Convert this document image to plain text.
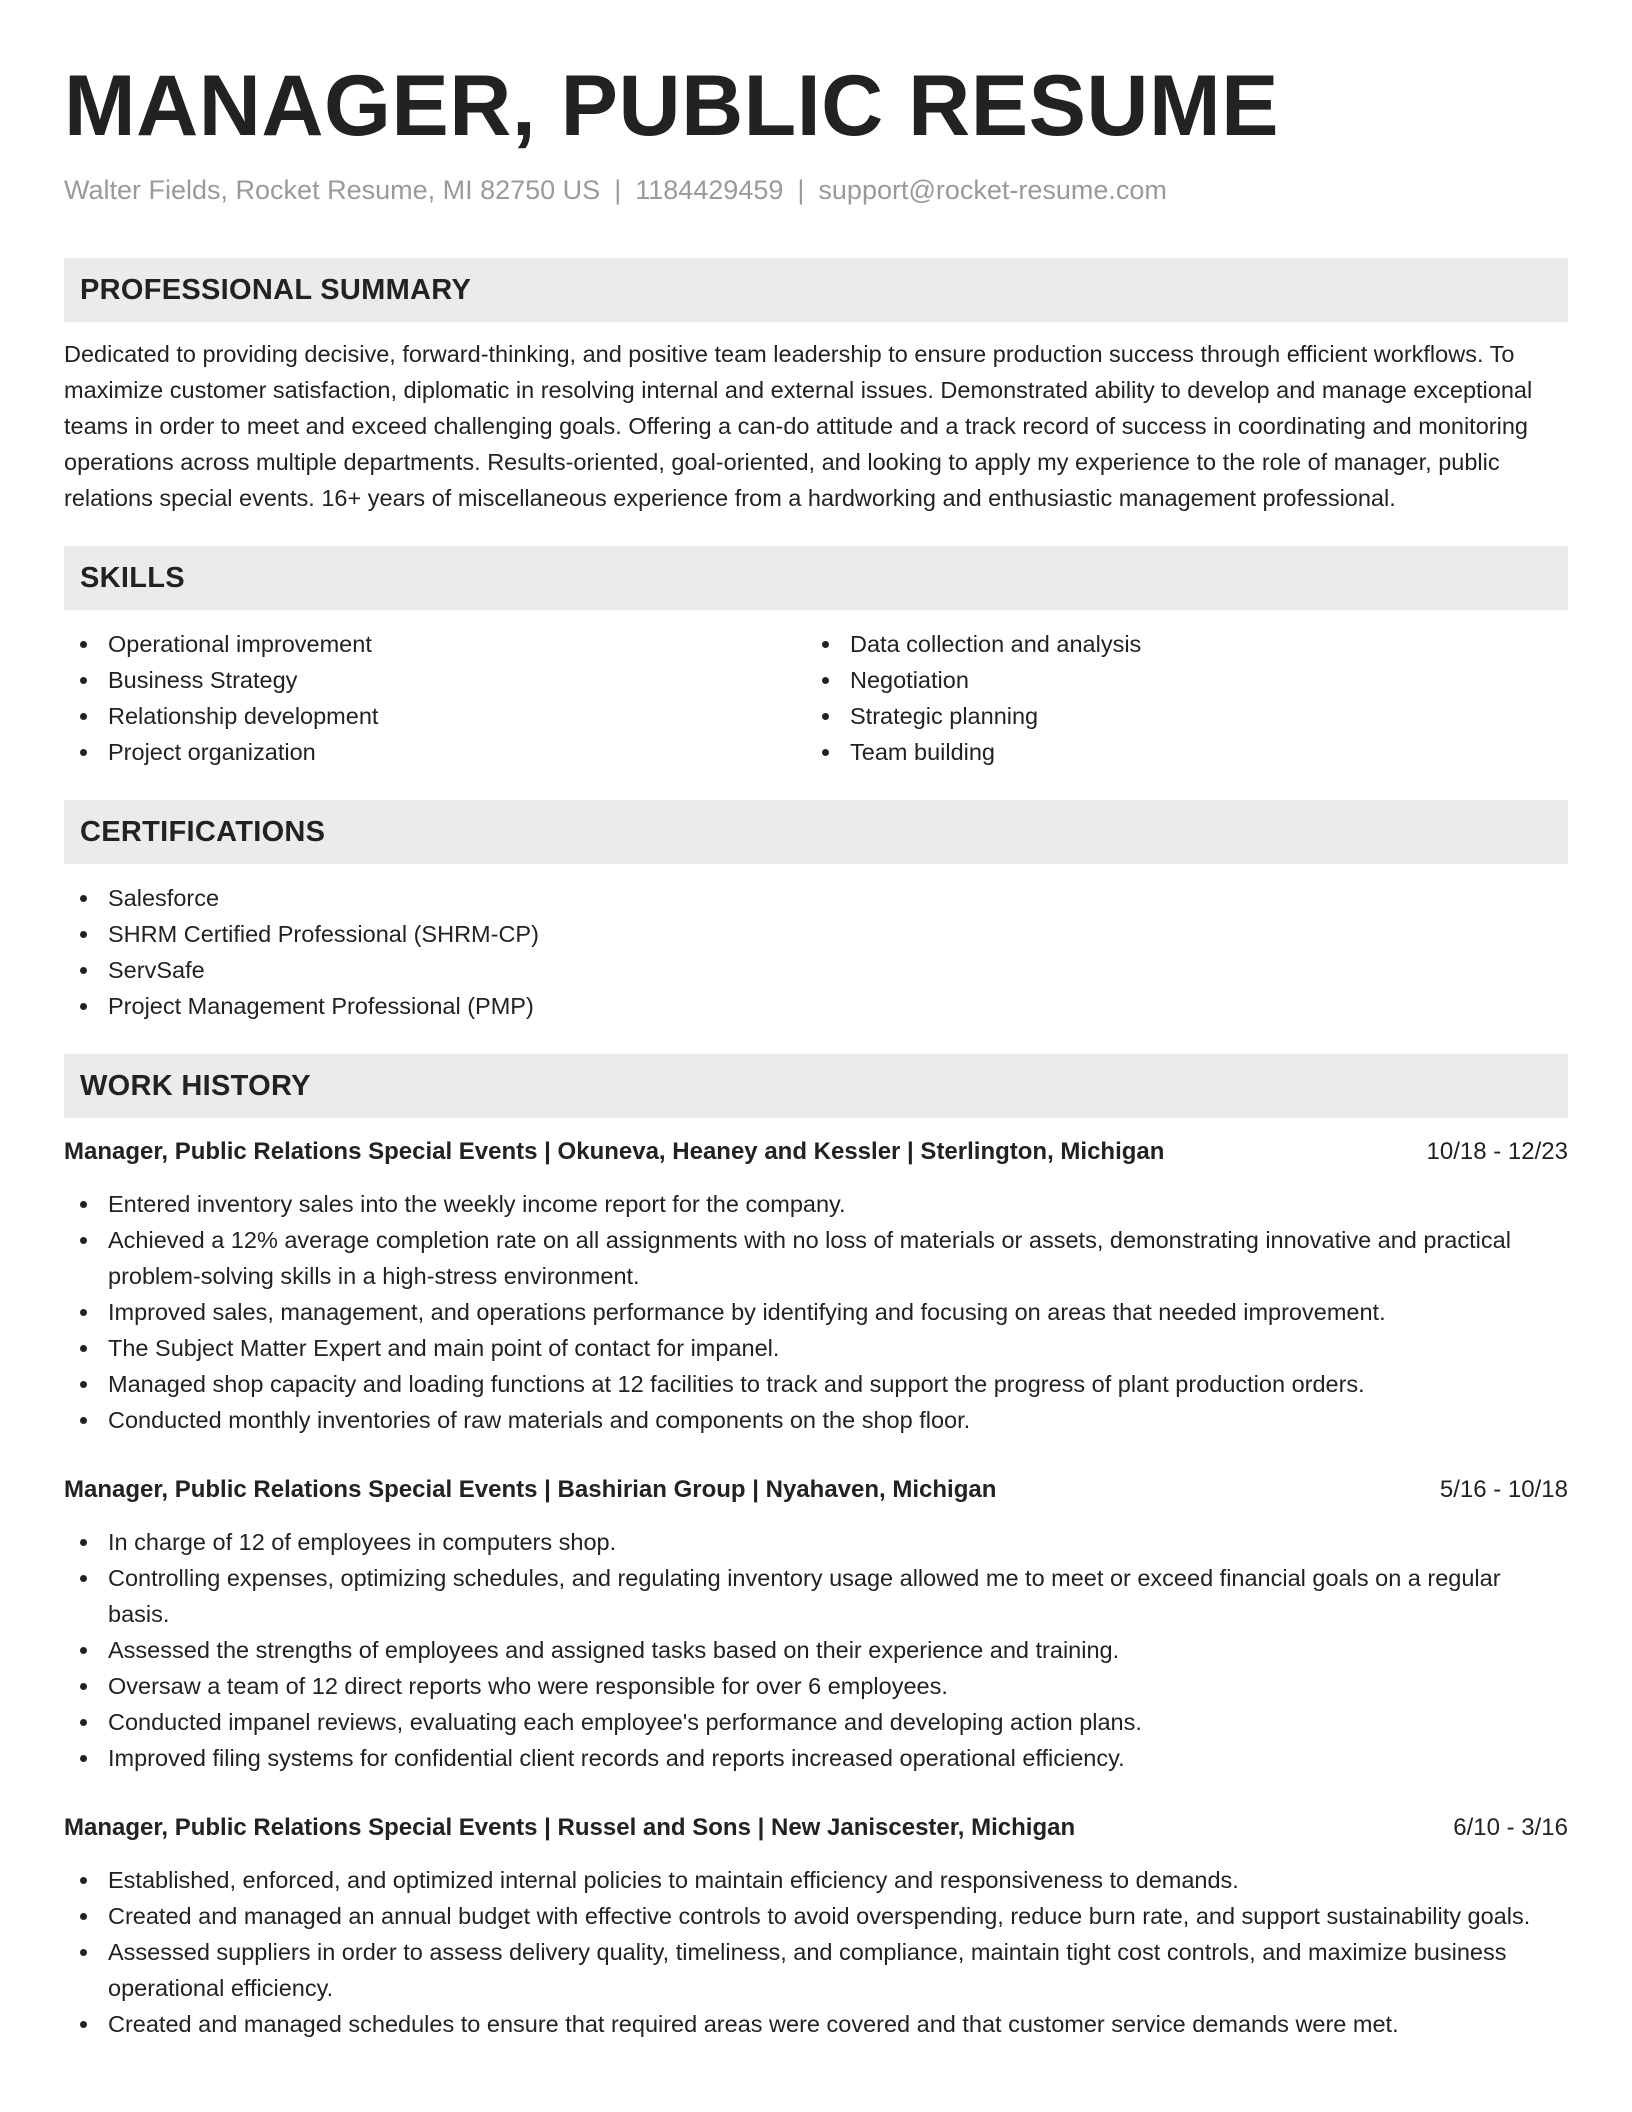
MANAGER, PUBLIC RESUME
Walter Fields, Rocket Resume, MI 82750 US | 1184429459 | support@rocket-resume.com
PROFESSIONAL SUMMARY

Dedicated to providing decisive, forward-thinking, and positive team leadership to ensure production success through efficient workflows. To maximize customer satisfaction, diplomatic in resolving internal and external issues. Demonstrated ability to develop and manage exceptional teams in order to meet and exceed challenging goals. Offering a can-do attitude and a track record of success in coordinating and monitoring operations across multiple departments. Results-oriented, goal-oriented, and looking to apply my experience to the role of manager, public relations special events. 16+ years of miscellaneous experience from a hardworking and enthusiastic management professional.

SKILLS
Operational improvement
Business Strategy
Relationship development
Project organization
Data collection and analysis
Negotiation
Strategic planning
Team building
CERTIFICATIONS
Salesforce
SHRM Certified Professional (SHRM-CP)
ServSafe
Project Management Professional (PMP)
WORK HISTORY
Manager, Public Relations Special Events | Okuneva, Heaney and Kessler | Sterlington, Michigan	10/18 - 12/23
Entered inventory sales into the weekly income report for the company.
Achieved a 12% average completion rate on all assignments with no loss of materials or assets, demonstrating innovative and practical problem-solving skills in a high-stress environment.
Improved sales, management, and operations performance by identifying and focusing on areas that needed improvement.
The Subject Matter Expert and main point of contact for impanel.
Managed shop capacity and loading functions at 12 facilities to track and support the progress of plant production orders.
Conducted monthly inventories of raw materials and components on the shop floor.
Manager, Public Relations Special Events | Bashirian Group | Nyahaven, Michigan	5/16 - 10/18
In charge of 12 of employees in computers shop.
Controlling expenses, optimizing schedules, and regulating inventory usage allowed me to meet or exceed financial goals on a regular basis.
Assessed the strengths of employees and assigned tasks based on their experience and training.
Oversaw a team of 12 direct reports who were responsible for over 6 employees.
Conducted impanel reviews, evaluating each employee's performance and developing action plans.
Improved filing systems for confidential client records and reports increased operational efficiency.
Manager, Public Relations Special Events | Russel and Sons | New Janiscester, Michigan	6/10 - 3/16
Established, enforced, and optimized internal policies to maintain efficiency and responsiveness to demands.
Created and managed an annual budget with effective controls to avoid overspending, reduce burn rate, and support sustainability goals.
Assessed suppliers in order to assess delivery quality, timeliness, and compliance, maintain tight cost controls, and maximize business operational efficiency.
Created and managed schedules to ensure that required areas were covered and that customer service demands were met.
